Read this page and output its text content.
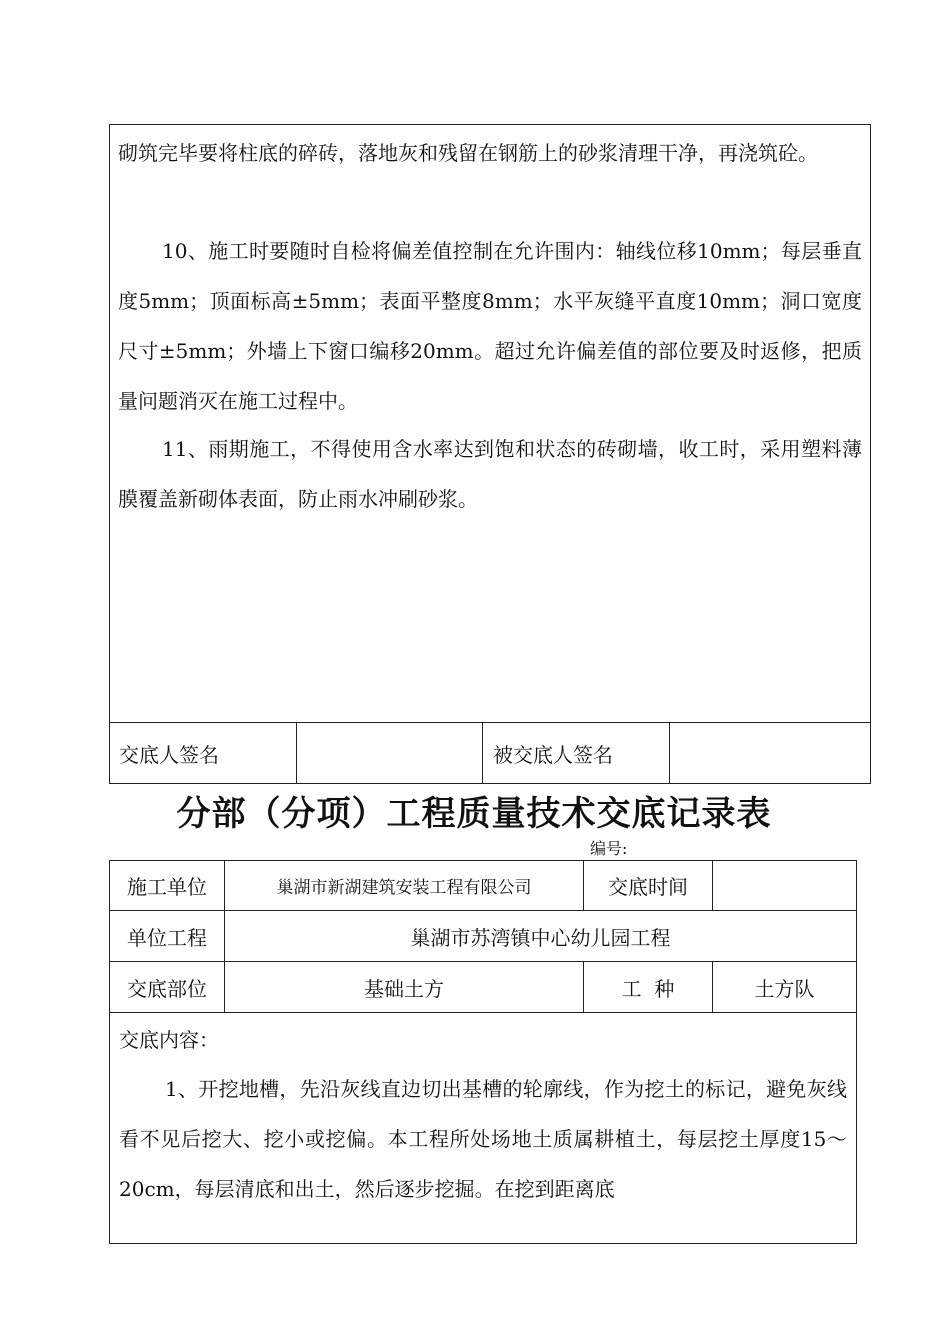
砌筑完毕要将柱底的碎砖，落地灰和残留在钢筋上的砂浆清理干净，再浇筑砼。
10、施工时要随时自检将偏差值控制在允许围内：轴线位移10mm；每层垂直度5mm；顶面标高±5mm；表面平整度8mm；水平灰缝平直度10mm；洞口宽度尺寸±5mm；外墙上下窗口编移20mm。超过允许偏差值的部位要及时返修，把质量问题消灭在施工过程中。
11、雨期施工，不得使用含水率达到饱和状态的砖砌墙，收工时，采用塑料薄膜覆盖新砌体表面，防止雨水冲刷砂浆。
交底人签名	被交底人签名
分部（分项）工程质量技术交底记录表
编号:
施工单位	巢湖市新湖建筑安装工程有限公司	交底时间
单位工程	巢湖市苏湾镇中心幼儿园工程
交底部位	基础土方	工  种	土方队
交底内容：
1、开挖地槽，先沿灰线直边切出基槽的轮廓线，作为挖土的标记，避免灰线看不见后挖大、挖小或挖偏。本工程所处场地土质属耕植土，每层挖土厚度15～20cm，每层清底和出土，然后逐步挖掘。在挖到距离底
